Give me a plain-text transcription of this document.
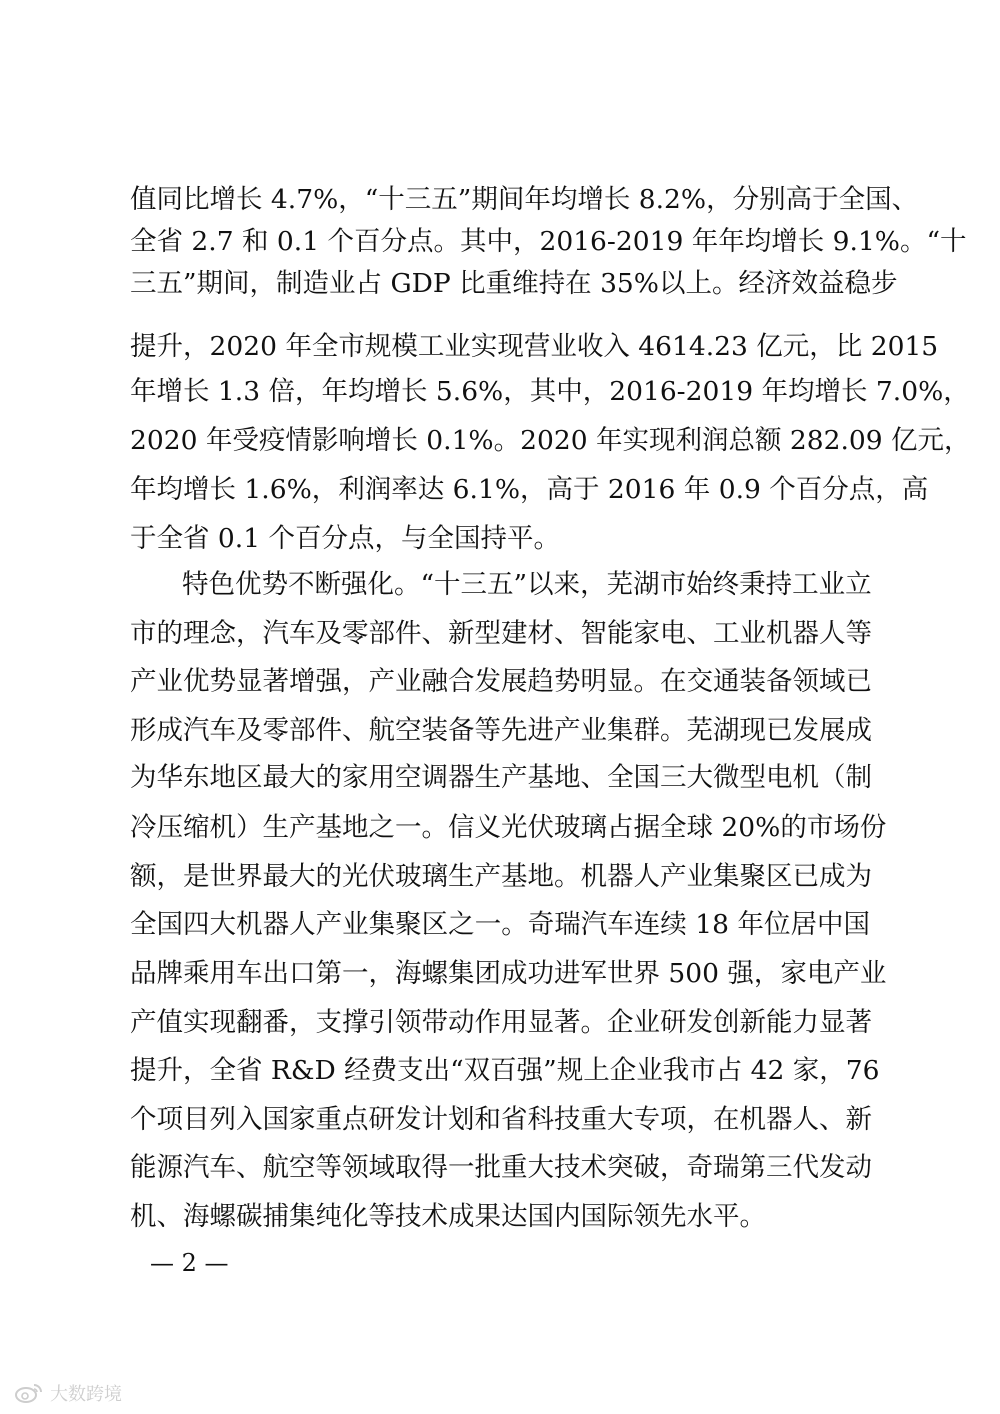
值同比增长 4.7%，“十三五”期间年均增长 8.2%，分别高于全国、
全省 2.7 和 0.1 个百分点。其中，2016-2019 年年均增长 9.1%。“十
三五”期间，制造业占 GDP 比重维持在 35%以上。经济效益稳步
提升，2020 年全市规模工业实现营业收入 4614.23 亿元，比 2015
年增长 1.3 倍，年均增长 5.6%，其中，2016-2019 年均增长 7.0%，
2020 年受疫情影响增长 0.1%。2020 年实现利润总额 282.09 亿元，
年均增长 1.6%，利润率达 6.1%，高于 2016 年 0.9 个百分点，高
于全省 0.1 个百分点，与全国持平。
特色优势不断强化。“十三五”以来，芜湖市始终秉持工业立
市的理念，汽车及零部件、新型建材、智能家电、工业机器人等
产业优势显著增强，产业融合发展趋势明显。在交通装备领域已
形成汽车及零部件、航空装备等先进产业集群。芜湖现已发展成
为华东地区最大的家用空调器生产基地、全国三大微型电机（制
冷压缩机）生产基地之一。信义光伏玻璃占据全球 20%的市场份
额，是世界最大的光伏玻璃生产基地。机器人产业集聚区已成为
全国四大机器人产业集聚区之一。奇瑞汽车连续 18 年位居中国
品牌乘用车出口第一，海螺集团成功进军世界 500 强，家电产业
产值实现翻番，支撑引领带动作用显著。企业研发创新能力显著
提升，全省 R&D 经费支出“双百强”规上企业我市占 42 家，76
个项目列入国家重点研发计划和省科技重大专项，在机器人、新
能源汽车、航空等领域取得一批重大技术突破，奇瑞第三代发动
机、海螺碳捕集纯化等技术成果达国内国际领先水平。
— 2 —
大数跨境
